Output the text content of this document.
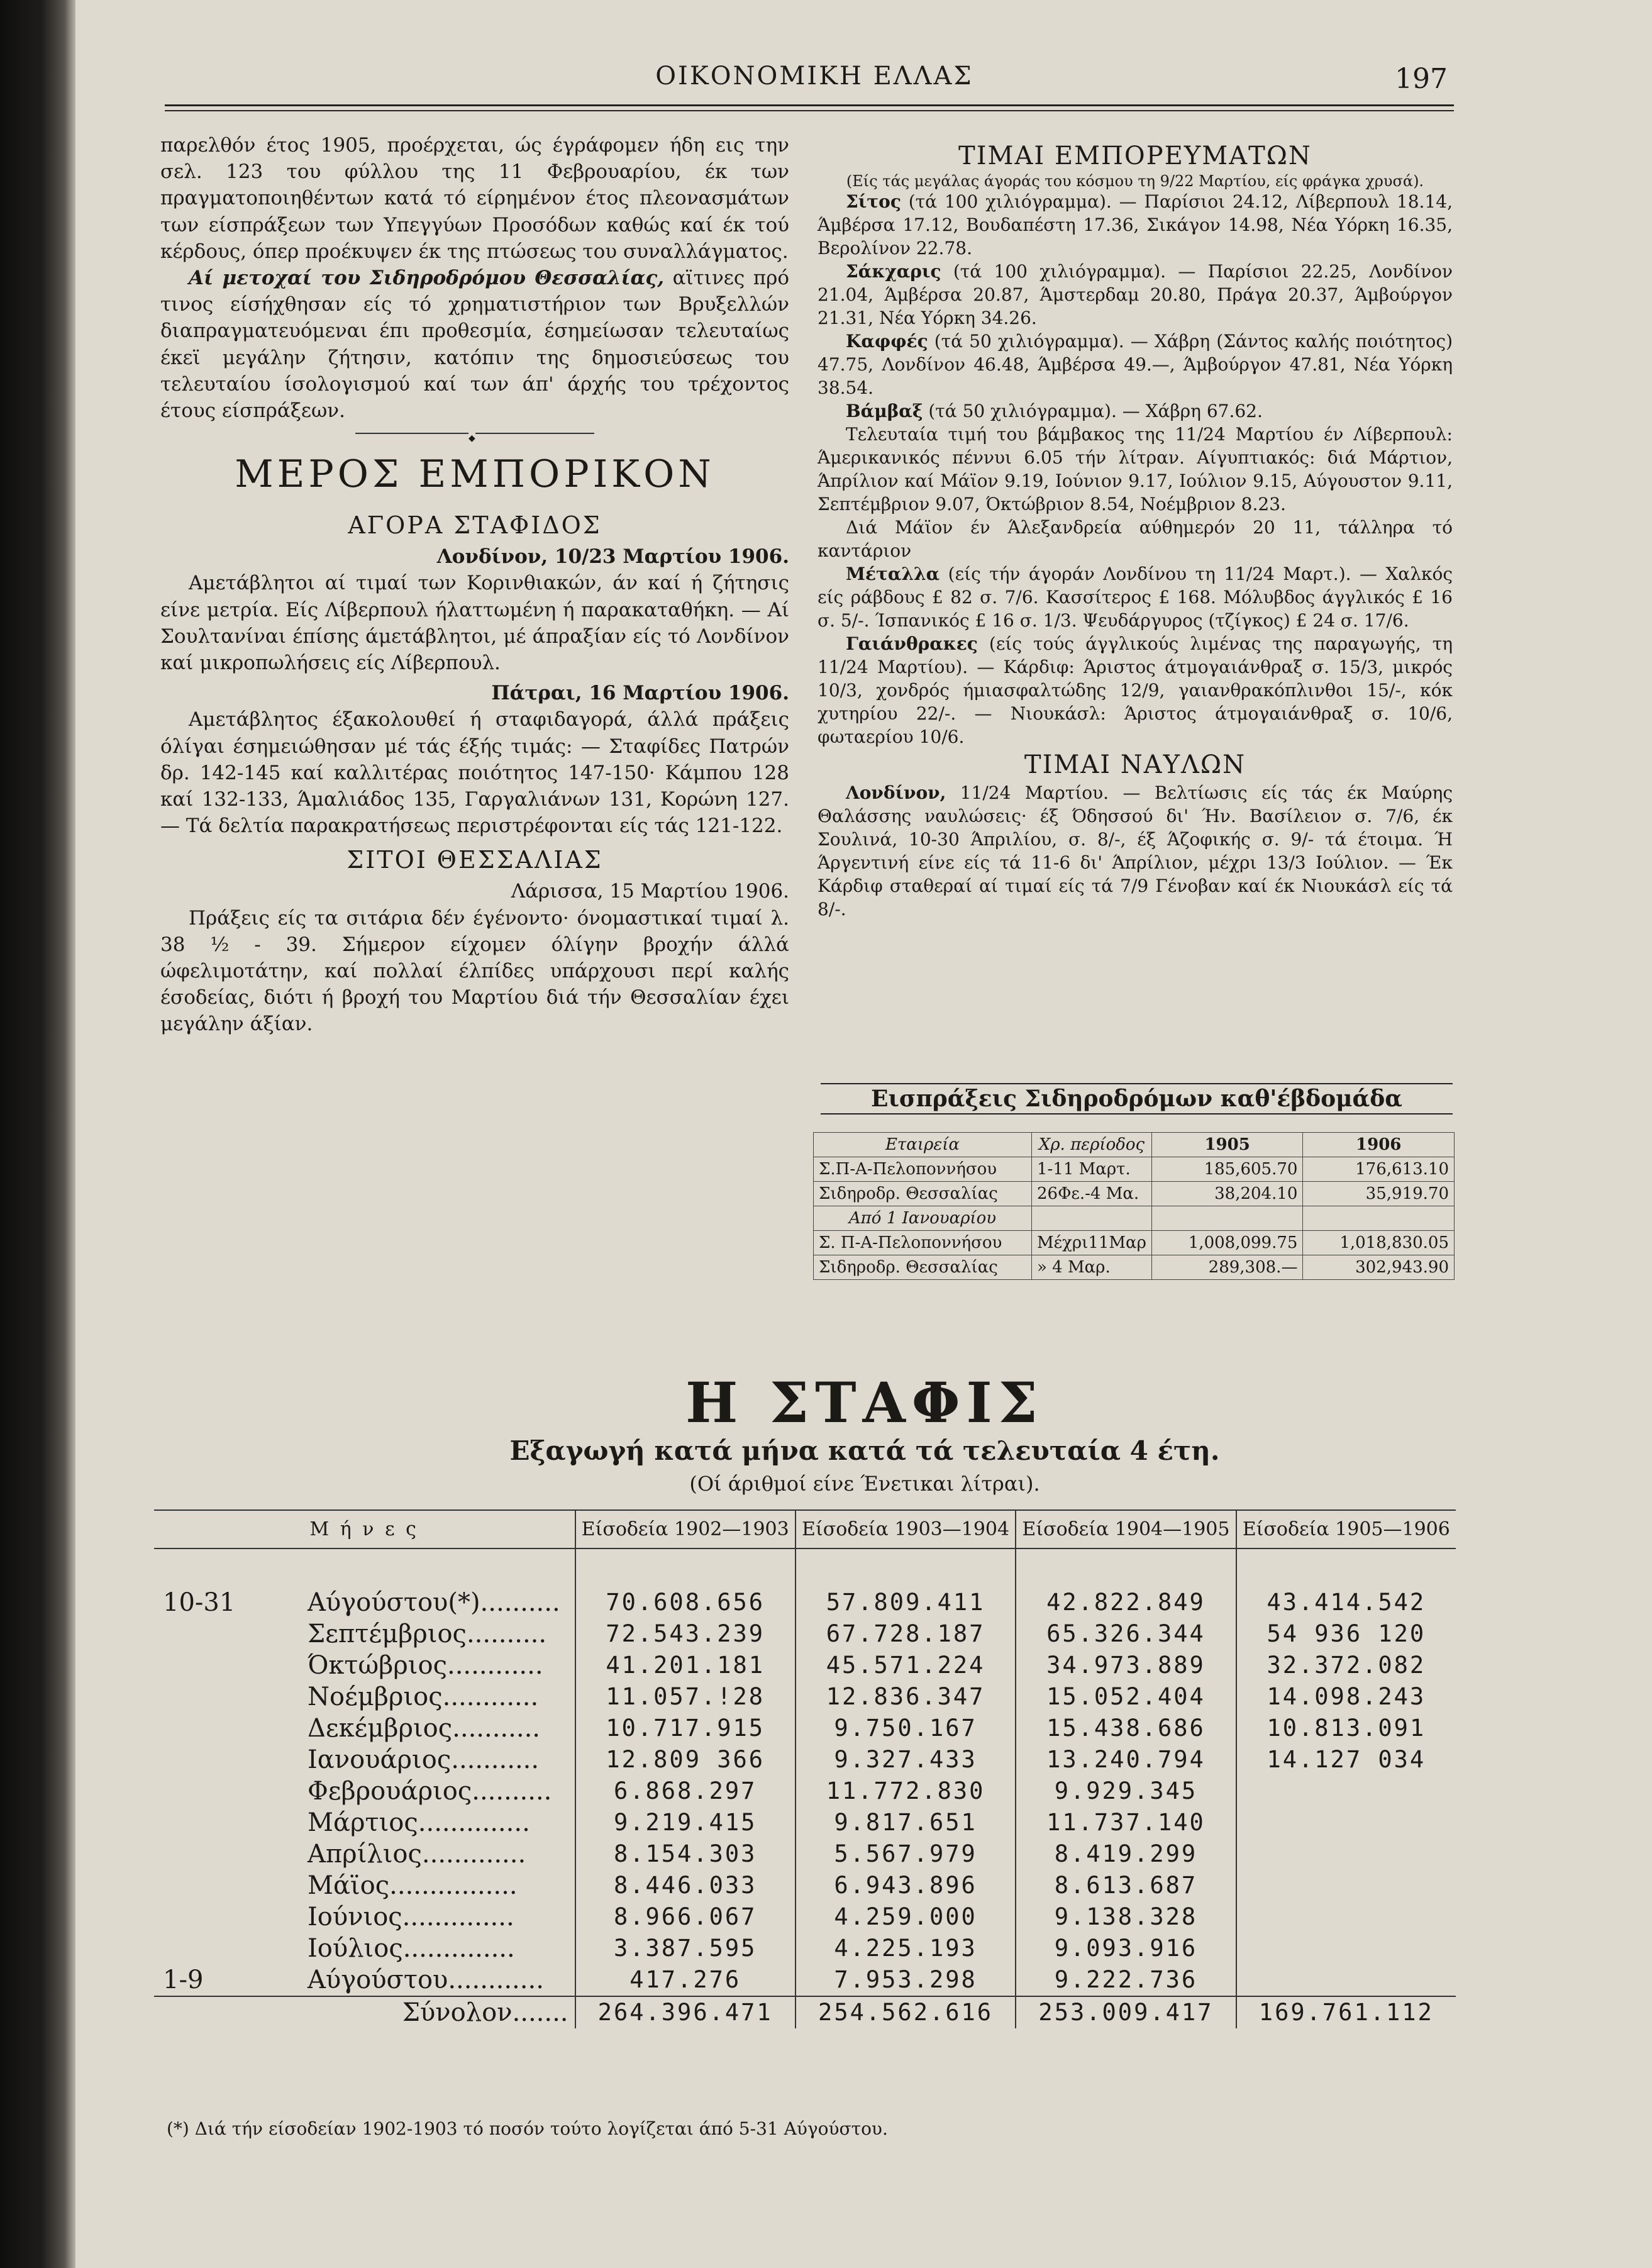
ΟΙΚΟΝΟΜΙΚΗ ΕΛΛΑΣ	197

παρελθόν έτος 1905, προέρχεται, ώς έγράφομεν ήδη εις την σελ. 123 του φύλλου της 11 Φεβρουαρίου, έκ των πραγματοποιηθέντων κατά τό είρημένον έτος πλεονασμάτων των είσπράξεων των Υπεγγύων Προσόδων καθώς καί έκ τού κέρδους, όπερ προέκυψεν έκ της πτώσεως του συναλλάγματος.

Αί μετοχαί του Σιδηροδρόμου Θεσσαλίας, αϊτινες πρό τινος είσήχθησαν είς τό χρηματιστήριον των Βρυξελλών διαπραγματευόμεναι έπι προθεσμία, έσημείωσαν τελευταίως έκεϊ μεγάλην ζήτησιν, κατόπιν της δημοσιεύσεως του τελευταίου ίσολογισμού καί των άπ' άρχής του τρέχοντος έτους είσπράξεων.

◆

ΜΕΡΟΣ ΕΜΠΟΡΙΚΟΝ

ΑΓΟΡΑ ΣΤΑΦΙΔΟΣ

Λονδίνον, 10/23 Μαρτίου 1906.

Αμετάβλητοι αί τιμαί των Κορινθιακών, άν καί ή ζήτησις είνε μετρία. Είς Λίβερπουλ ήλαττωμένη ή παρακαταθήκη. — Αί Σουλτανίναι έπίσης άμετάβλητοι, μέ άπραξίαν είς τό Λονδίνον καί μικροπωλήσεις είς Λίβερπουλ.

Πάτραι, 16 Μαρτίου 1906.

Αμετάβλητος έξακολουθεί ή σταφιδαγορά, άλλά πράξεις όλίγαι έσημειώθησαν μέ τάς έξής τιμάς: — Σταφίδες Πατρών δρ. 142-145 καί καλλιτέρας ποιότητος 147-150· Κάμπου 128 καί 132-133, Άμαλιάδος 135, Γαργαλιάνων 131, Κορώνη 127. — Τά δελτία παρακρατήσεως περιστρέφονται είς τάς 121-122.

ΣΙΤΟΙ ΘΕΣΣΑΛΙΑΣ

Λάρισσα, 15 Μαρτίου 1906.

Πράξεις είς τα σιτάρια δέν έγένοντο· όνομαστικαί τιμαί λ. 38 ½ - 39. Σήμερον είχομεν όλίγην βροχήν άλλά ώφελιμοτάτην, καί πολλαί έλπίδες υπάρχουσι περί καλής έσοδείας, διότι ή βροχή του Μαρτίου διά τήν Θεσσαλίαν έχει μεγάλην άξίαν.

ΤΙΜΑΙ ΕΜΠΟΡΕΥΜΑΤΩΝ

(Είς τάς μεγάλας άγοράς του κόσμου τη 9/22 Μαρτίου, είς φράγκα χρυσά).

Σίτος (τά 100 χιλιόγραμμα). — Παρίσιοι 24.12, Λίβερπουλ 18.14, Άμβέρσα 17.12, Βουδαπέστη 17.36, Σικάγον 14.98, Νέα Υόρκη 16.35, Βερολίνον 22.78.

Σάκχαρις (τά 100 χιλιόγραμμα). — Παρίσιοι 22.25, Λονδίνον 21.04, Άμβέρσα 20.87, Άμστερδαμ 20.80, Πράγα 20.37, Άμβούργον 21.31, Νέα Υόρκη 34.26.

Καφφές (τά 50 χιλιόγραμμα). — Χάβρη (Σάντος καλής ποιότητος) 47.75, Λονδίνον 46.48, Άμβέρσα 49.—, Άμβούργον 47.81, Νέα Υόρκη 38.54.

Βάμβαξ (τά 50 χιλιόγραμμα). — Χάβρη 67.62.

Τελευταία τιμή του βάμβακος της 11/24 Μαρτίου έν Λίβερπουλ: Άμερικανικός πέννυι 6.05 τήν λίτραν. Αίγυπτιακός: διά Μάρτιον, Άπρίλιον καί Μάϊον 9.19, Ιούνιον 9.17, Ιούλιον 9.15, Αύγουστον 9.11, Σεπτέμβριον 9.07, Όκτώβριον 8.54, Νοέμβριον 8.23.

Διά Μάϊον έν Άλεξανδρεία αύθημερόν 20 11, τάλληρα τό καντάριον

Μέταλλα (είς τήν άγοράν Λονδίνου τη 11/24 Μαρτ.). — Χαλκός είς ράβδους £ 82 σ. 7/6. Κασσίτερος £ 168. Μόλυβδος άγγλικός £ 16 σ. 5/-. Ίσπανικός £ 16 σ. 1/3. Ψευδάργυρος (τζίγκος) £ 24 σ. 17/6.

Γαιάνθρακες (είς τούς άγγλικούς λιμένας της παραγωγής, τη 11/24 Μαρτίου). — Κάρδιφ: Άριστος άτμογαιάνθραξ σ. 15/3, μικρός 10/3, χονδρός ήμιασφαλτώδης 12/9, γαιανθρακόπλινθοι 15/-, κόκ χυτηρίου 22/-. — Νιουκάσλ: Άριστος άτμογαιάνθραξ σ. 10/6, φωταερίου 10/6.

ΤΙΜΑΙ ΝΑΥΛΩΝ

Λονδίνον, 11/24 Μαρτίου. — Βελτίωσις είς τάς έκ Μαύρης Θαλάσσης ναυλώσεις· έξ Όδησσού δι' Ήν. Βασίλειον σ. 7/6, έκ Σουλινά, 10-30 Άπριλίου, σ. 8/-, έξ Άζοφικής σ. 9/- τά έτοιμα. Ή Άργεντινή είνε είς τά 11-6 δι' Άπρίλιον, μέχρι 13/3 Ιούλιον. — Έκ Κάρδιφ σταθεραί αί τιμαί είς τά 7/9 Γένοβαν καί έκ Νιουκάσλ είς τά 8/-.

Εισπράξεις Σιδηροδρόμων καθ'έβδομάδα
Εταιρεία	Χρ. περίοδος	1905	1906
Σ.Π-Α-Πελοποννήσου	1-11 Μαρτ.	185,605.70	176,613.10
Σιδηροδρ. Θεσσαλίας	26Φε.-4 Μα.	38,204.10	35,919.70
Από 1 Ιανουαρίου			
Σ. Π-Α-Πελοποννήσου	Μέχρι11Μαρ	1,008,099.75	1,018,830.05
Σιδηροδρ. Θεσσαλίας	» 4 Μαρ.	289,308.—	302,943.90
Η ΣΤΑΦΙΣ
Εξαγωγή κατά μήνα κατά τά τελευταία 4 έτη.
(Οί άριθμοί είνε Ένετικαι λίτραι).
Μ ή ν ε ς		Είσοδεία 1902—1903	Είσοδεία 1903—1904	Είσοδεία 1904—1905	Είσοδεία 1905—1906

10-31	Αύγούστου(*)..........	70.608.656	57.809.411	42.822.849	43.414.542
	Σεπτέμβριος..........	72.543.239	67.728.187	65.326.344	54 936 120
	Όκτώβριος............	41.201.181	45.571.224	34.973.889	32.372.082
	Νοέμβριος............	11.057.!28	12.836.347	15.052.404	14.098.243
	Δεκέμβριος...........	10.717.915	9.750.167	15.438.686	10.813.091
	Ιανουάριος...........	12.809 366	9.327.433	13.240.794	14.127 034
	Φεβρουάριος..........	6.868.297	11.772.830	9.929.345	
	Μάρτιος..............	9.219.415	9.817.651	11.737.140	
	Απρίλιος.............	8.154.303	5.567.979	8.419.299	
	Μάϊος................	8.446.033	6.943.896	8.613.687	
	Ιούνιος..............	8.966.067	4.259.000	9.138.328	
	Ιούλιος..............	3.387.595	4.225.193	9.093.916	
1-9	Αύγούστου............	417.276	7.953.298	9.222.736	
	Σύνολον.......	264.396.471	254.562.616	253.009.417	169.761.112
(*) Διά τήν είσοδείαν 1902-1903 τό ποσόν τούτο λογίζεται άπό 5-31 Αύγούστου.
